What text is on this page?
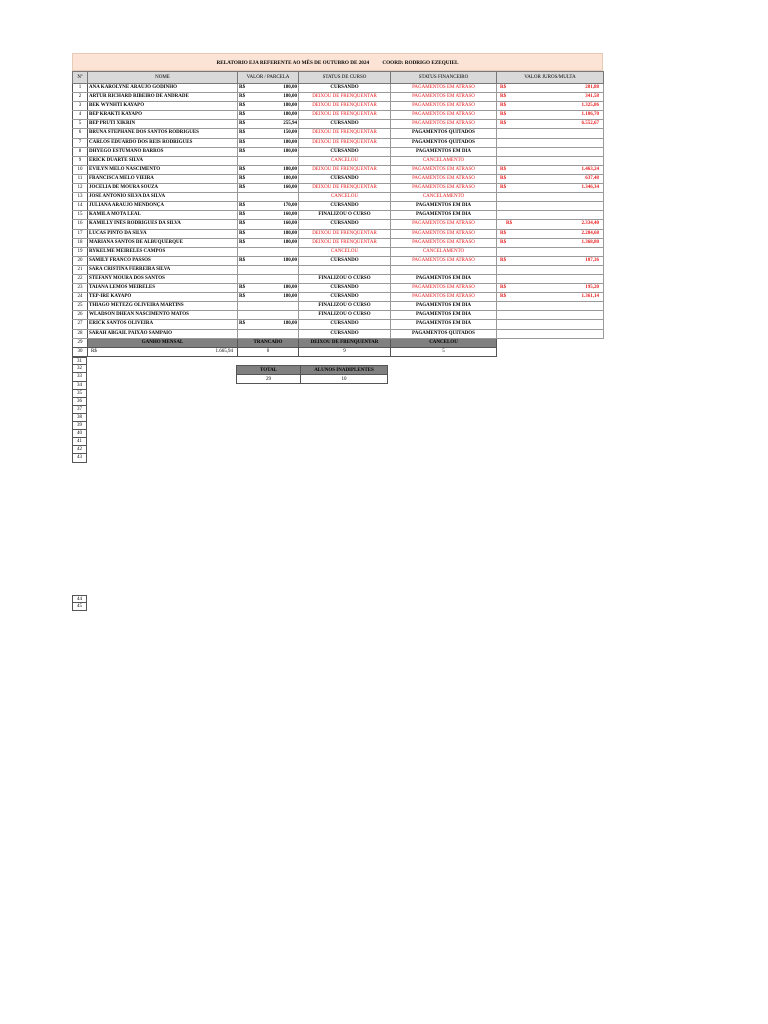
RELATORIO EJA REFERENTE AO MÊS DE OUTUBRO DE 2024	COORD: RODRIGO EZEQUIEL
Nº	NOME	VALOR / PARCELA	STATUS DE CURSO	STATUS FINANCEIRO	VALOR JUROS/MULTA
1	ANA KAROLYNE ARAUJO GODINHO	R$ 180,00	CURSANDO	PAGAMENTOS EM ATRASO	R$ 201,88

2	ARTUR RICHARD RIBEIRO DE ANDRADE	R$ 180,00	DEIXOU DE FRENQUENTAR	PAGAMENTOS EM ATRASO	R$ 341,58

3	BEK WYNHTI KAYAPÓ	R$ 180,00	DEIXOU DE FRENQUENTAR	PAGAMENTOS EM ATRASO	R$ 1.325,86

4	BEP KRAKTI KAYAPÓ	R$ 180,00	DEIXOU DE FRENQUENTAR	PAGAMENTOS EM ATRASO	R$ 1.186,70

5	BEP PRUTI XIKRIN	R$ 255,94	CURSANDO	PAGAMENTOS EM ATRASO	R$ 6.552,67

6	BRUNA STEPHANE DOS SANTOS RODRIGUES	R$ 150,00	DEIXOU DE FRENQUENTAR	PAGAMENTOS QUITADOS	

7	CARLOS EDUARDO DOS REIS RODRIGUES	R$ 180,00	DEIXOU DE FRENQUENTAR	PAGAMENTOS QUITADOS	

8	DHYEGO ESTUMANO BARROS	R$ 180,00	CURSANDO	PAGAMENTOS EM DIA	

9	ERICK DUARTE SILVA		CANCELOU	CANCELAMENTO	

10	EVILYN MELO NASCIMENTO	R$ 180,00	DEIXOU DE FRENQUENTAR	PAGAMENTOS EM ATRASO	R$ 1.463,24

11	FRANCISCA MELO VIEIRA	R$ 180,00	CURSANDO	PAGAMENTOS EM ATRASO	R$ 637,48

12	JOCELIA DE MOURA SOUZA	R$ 160,00	DEIXOU DE FRENQUENTAR	PAGAMENTOS EM ATRASO	R$ 1.346,34

13	JOSE ANTONIO SILVA DA SILVA		CANCELOU	CANCELAMENTO	

14	JULIANA ARAUJO MENDONÇA	R$ 170,00	CURSANDO	PAGAMENTOS EM DIA	

15	KAMILA MOTA LEAL	R$ 160,00	FINALIZOU O CURSO	PAGAMENTOS EM DIA	

16	KAMILLY INÊS RODRIGUES DA SILVA	R$ 160,00	CURSANDO	PAGAMENTOS EM ATRASO	R$ 2.334,40

17	LUCAS PINTO DA SILVA	R$ 180,00	DEIXOU DE FRENQUENTAR	PAGAMENTOS EM ATRASO	R$ 2.284,68

18	MARIANA SANTOS DE ALBUQUERQUE	R$ 180,00	DEIXOU DE FRENQUENTAR	PAGAMENTOS EM ATRASO	R$ 1.368,80

19	RYKELME MEIRELES CAMPOS		CANCELOU	CANCELAMENTO	

20	SAMILY FRANCO PASSOS	R$ 180,00	CURSANDO	PAGAMENTOS EM ATRASO	R$ 187,36

21	SARA CRISTINA FERREIRA SILVA	

22	STEFANY MOURA DOS SANTOS		FINALIZOU O CURSO	PAGAMENTOS EM DIA	

23	TAIANA LEMOS MEIRELES	R$ 180,00	CURSANDO	PAGAMENTOS EM ATRASO	R$ 195,20

24	TEP-IRE KAYAPÓ	R$ 180,00	CURSANDO	PAGAMENTOS EM ATRASO	R$ 1.361,14

25	THIAGO METEZG OLIVEIRA MARTINS		FINALIZOU O CURSO	PAGAMENTOS EM DIA	

26	WLADSON DHEAN NASCIMENTO MATOS		FINALIZOU O CURSO	PAGAMENTOS EM DIA	

27	ERICK SANTOS OLIVEIRA	R$ 180,00	CURSANDO	PAGAMENTOS EM DIA	

28	SARAH ABGAIL PAIXÃO SAMPAIO		CURSANDO	PAGAMENTOS QUITADOS	

29	GANHO MENSAL	TRANCADO	DEIXOU DE FRENQUENTAR	CANCELOU	
30	R$ 1.665,94	0	9	5	
31
32
33
34
35
36
37
38
39
40
41
42
43
44
45
TOTAL	ALUNOS INADIPLENTES
29	10
